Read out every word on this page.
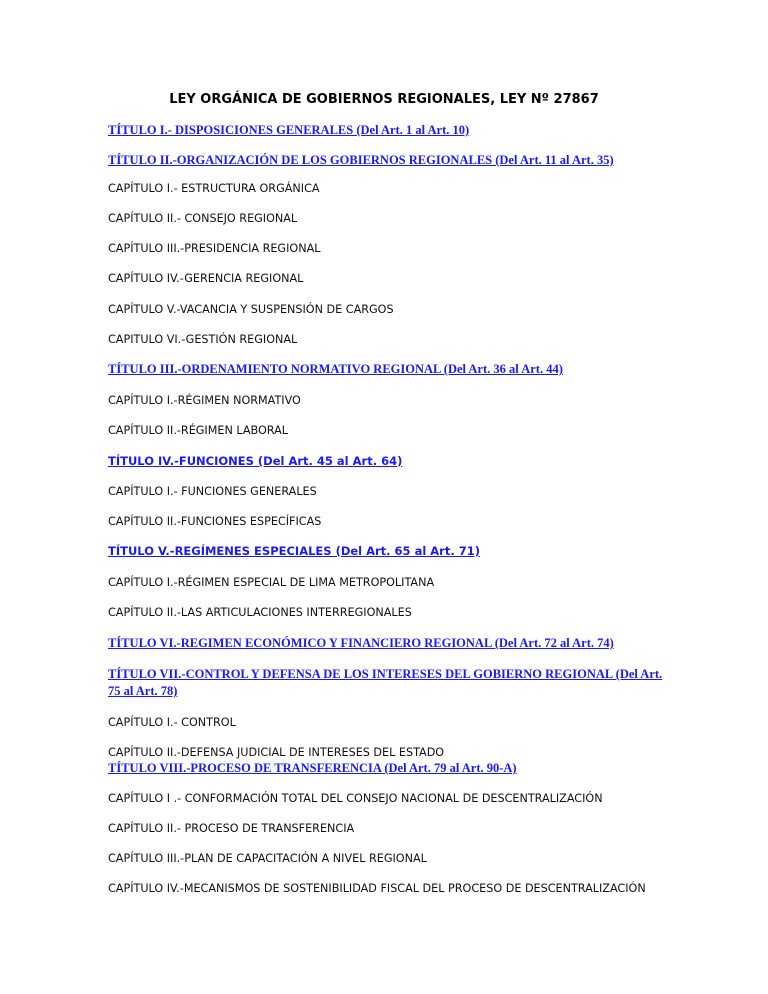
LEY ORGÁNICA DE GOBIERNOS REGIONALES, LEY Nº 27867
TÍTULO I.- DISPOSICIONES GENERALES (Del Art. 1 al Art. 10)
TÍTULO II.-ORGANIZACIÓN DE LOS GOBIERNOS REGIONALES (Del Art. 11 al Art. 35)
CAPÍTULO I.- ESTRUCTURA ORGÁNICA
CAPÍTULO II.- CONSEJO REGIONAL
CAPÍTULO III.-PRESIDENCIA REGIONAL
CAPÍTULO IV.-GERENCIA REGIONAL
CAPÍTULO V.-VACANCIA Y SUSPENSIÓN DE CARGOS
CAPITULO VI.-GESTIÓN REGIONAL
TÍTULO III.-ORDENAMIENTO NORMATIVO REGIONAL (Del Art. 36 al Art. 44)
CAPÍTULO I.-RÉGIMEN NORMATIVO
CAPÍTULO II.-RÉGIMEN LABORAL
TÍTULO IV.-FUNCIONES (Del Art. 45 al Art. 64)
CAPÍTULO I.- FUNCIONES GENERALES
CAPÍTULO II.-FUNCIONES ESPECÍFICAS
TÍTULO V.-REGÍMENES ESPECIALES (Del Art. 65 al Art. 71)
CAPÍTULO I.-RÉGIMEN ESPECIAL DE LIMA METROPOLITANA
CAPÍTULO II.-LAS ARTICULACIONES INTERREGIONALES
TÍTULO VI.-REGIMEN ECONÓMICO Y FINANCIERO REGIONAL (Del Art. 72 al Art. 74)
TÍTULO VII.-CONTROL Y DEFENSA DE LOS INTERESES DEL GOBIERNO REGIONAL (Del Art. 75 al Art. 78)
CAPÍTULO I.- CONTROL
CAPÍTULO II.-DEFENSA JUDICIAL DE INTERESES DEL ESTADO
TÍTULO VIII.-PROCESO DE TRANSFERENCIA (Del Art. 79 al Art. 90-A)
CAPÍTULO I .- CONFORMACIÓN TOTAL DEL CONSEJO NACIONAL DE DESCENTRALIZACIÓN
CAPÍTULO II.- PROCESO DE TRANSFERENCIA
CAPÍTULO III.-PLAN DE CAPACITACIÓN A NIVEL REGIONAL
CAPÍTULO IV.-MECANISMOS DE SOSTENIBILIDAD FISCAL DEL PROCESO DE DESCENTRALIZACIÓN
